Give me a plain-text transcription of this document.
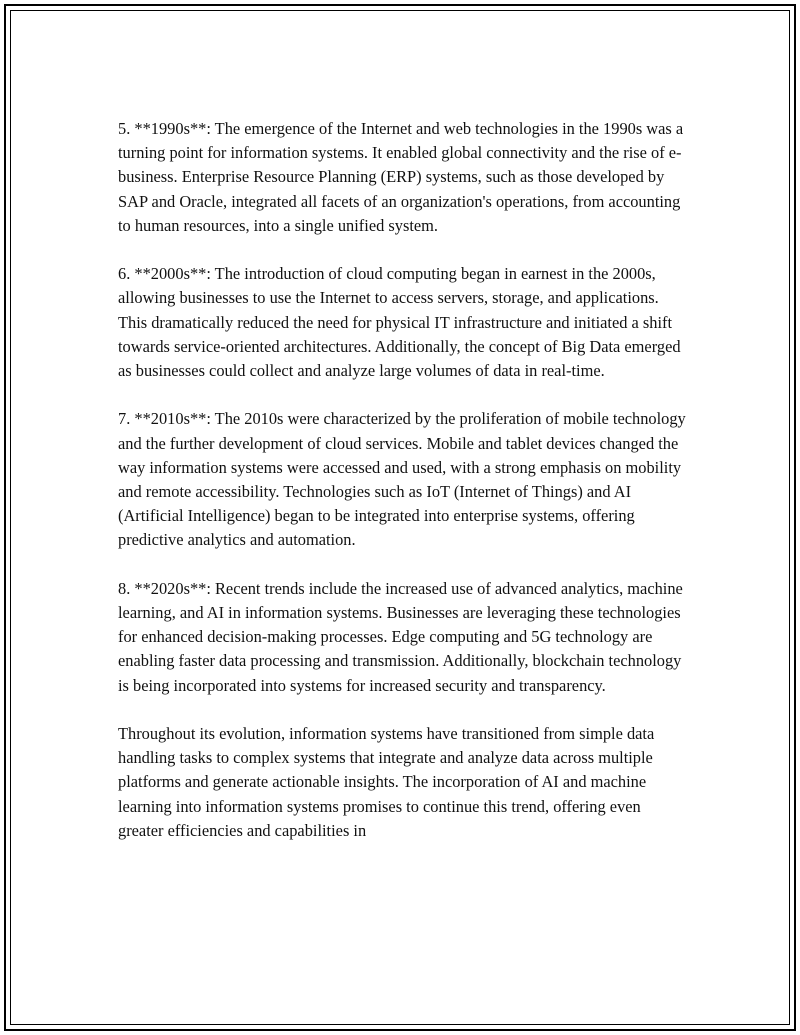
5. **1990s**: The emergence of the Internet and web technologies in the 1990s was a turning point for information systems. It enabled global connectivity and the rise of e-business. Enterprise Resource Planning (ERP) systems, such as those developed by SAP and Oracle, integrated all facets of an organization's operations, from accounting to human resources, into a single unified system.

6. **2000s**: The introduction of cloud computing began in earnest in the 2000s, allowing businesses to use the Internet to access servers, storage, and applications. This dramatically reduced the need for physical IT infrastructure and initiated a shift towards service-oriented architectures. Additionally, the concept of Big Data emerged as businesses could collect and analyze large volumes of data in real-time.

7. **2010s**: The 2010s were characterized by the proliferation of mobile technology and the further development of cloud services. Mobile and tablet devices changed the way information systems were accessed and used, with a strong emphasis on mobility and remote accessibility. Technologies such as IoT (Internet of Things) and AI (Artificial Intelligence) began to be integrated into enterprise systems, offering predictive analytics and automation.

8. **2020s**: Recent trends include the increased use of advanced analytics, machine learning, and AI in information systems. Businesses are leveraging these technologies for enhanced decision-making processes. Edge computing and 5G technology are enabling faster data processing and transmission. Additionally, blockchain technology is being incorporated into systems for increased security and transparency.

Throughout its evolution, information systems have transitioned from simple data handling tasks to complex systems that integrate and analyze data across multiple platforms and generate actionable insights. The incorporation of AI and machine learning into information systems promises to continue this trend, offering even greater efficiencies and capabilities in
